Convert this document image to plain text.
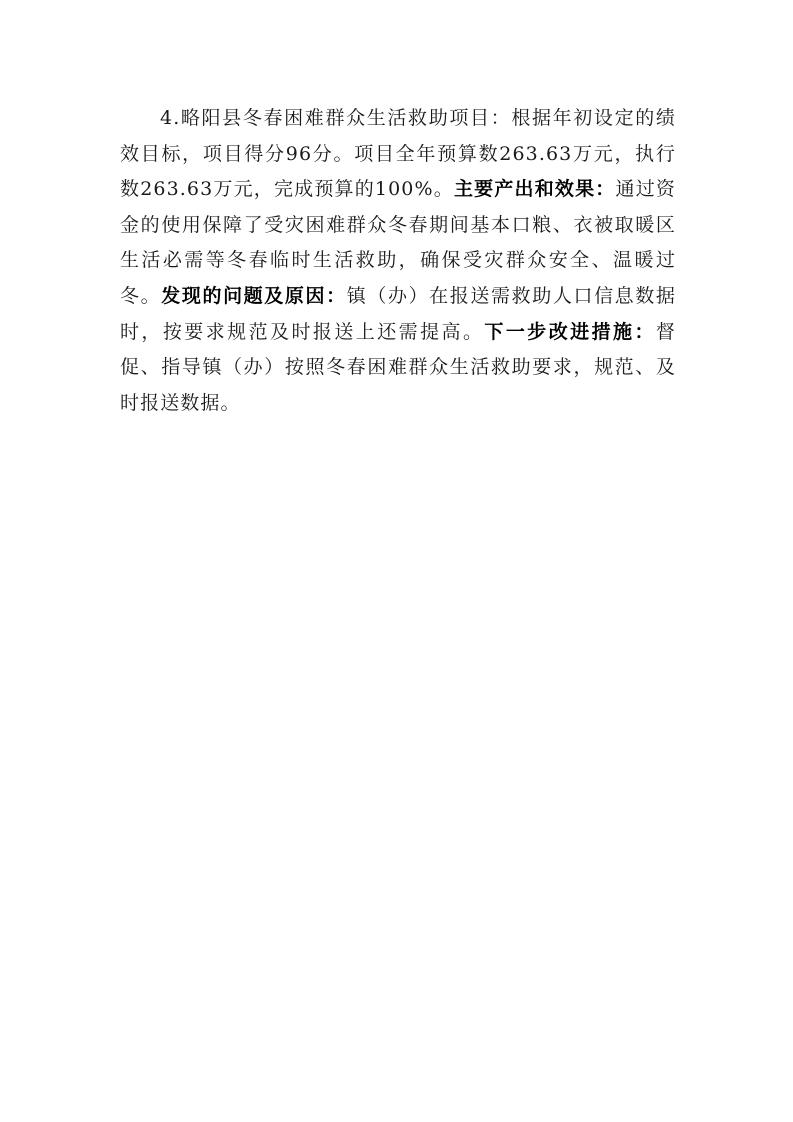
4.略阳县冬春困难群众生活救助项目：根据年初设定的绩效目标，项目得分96分。项目全年预算数263.63万元，执行数263.63万元，完成预算的100%。主要产出和效果：通过资金的使用保障了受灾困难群众冬春期间基本口粮、衣被取暖区生活必需等冬春临时生活救助，确保受灾群众安全、温暖过冬。发现的问题及原因：镇（办）在报送需救助人口信息数据时，按要求规范及时报送上还需提高。下一步改进措施：督促、指导镇（办）按照冬春困难群众生活救助要求，规范、及时报送数据。
